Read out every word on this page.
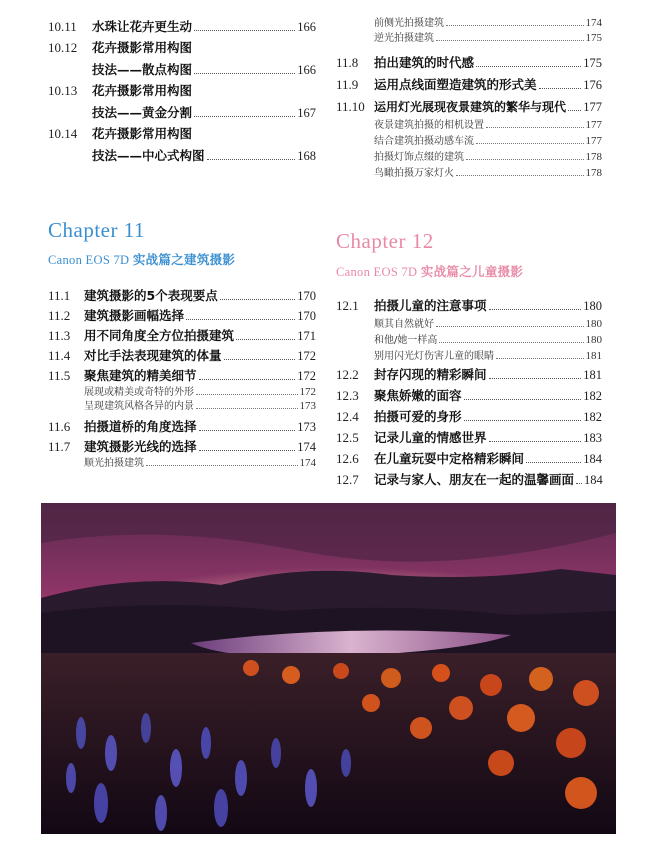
10.11	水珠让花卉更生动	166
10.12	花卉摄影常用构图
技法——散点构图	166
10.13	花卉摄影常用构图
技法——黄金分割	167
10.14	花卉摄影常用构图
技法——中心式构图	168
前侧光拍摄建筑	174
逆光拍摄建筑	175
11.8	拍出建筑的时代感	175
11.9	运用点线面塑造建筑的形式美	176
11.10 运用灯光展现夜景建筑的繁华与现代 177
夜景建筑拍摄的相机设置	177
结合建筑拍摄动感车流	177
拍摄灯饰点缀的建筑	178
鸟瞰拍摄万家灯火	178
Chapter 11
Canon EOS 7D 实战篇之建筑摄影
11.1	建筑摄影的5个表现要点	170
11.2	建筑摄影画幅选择	170
11.3	用不同角度全方位拍摄建筑	171
11.4	对比手法表现建筑的体量	172
11.5	聚焦建筑的精美细节	172
展现或精美或奇特的外形	172
呈现建筑风格各异的内景	173
11.6	拍摄道桥的角度选择	173
11.7	建筑摄影光线的选择	174
顺光拍摄建筑	174
Chapter 12
Canon EOS 7D 实战篇之儿童摄影
12.1	拍摄儿童的注意事项	180
顺其自然就好	180
和他/她一样高	180
别用闪光灯伤害儿童的眼睛	181
12.2	封存闪现的精彩瞬间	181
12.3	聚焦娇嫩的面容	182
12.4	拍摄可爱的身形	182
12.5	记录儿童的情感世界	183
12.6	在儿童玩耍中定格精彩瞬间	184
12.7	记录与家人、朋友在一起的温馨画面 184
